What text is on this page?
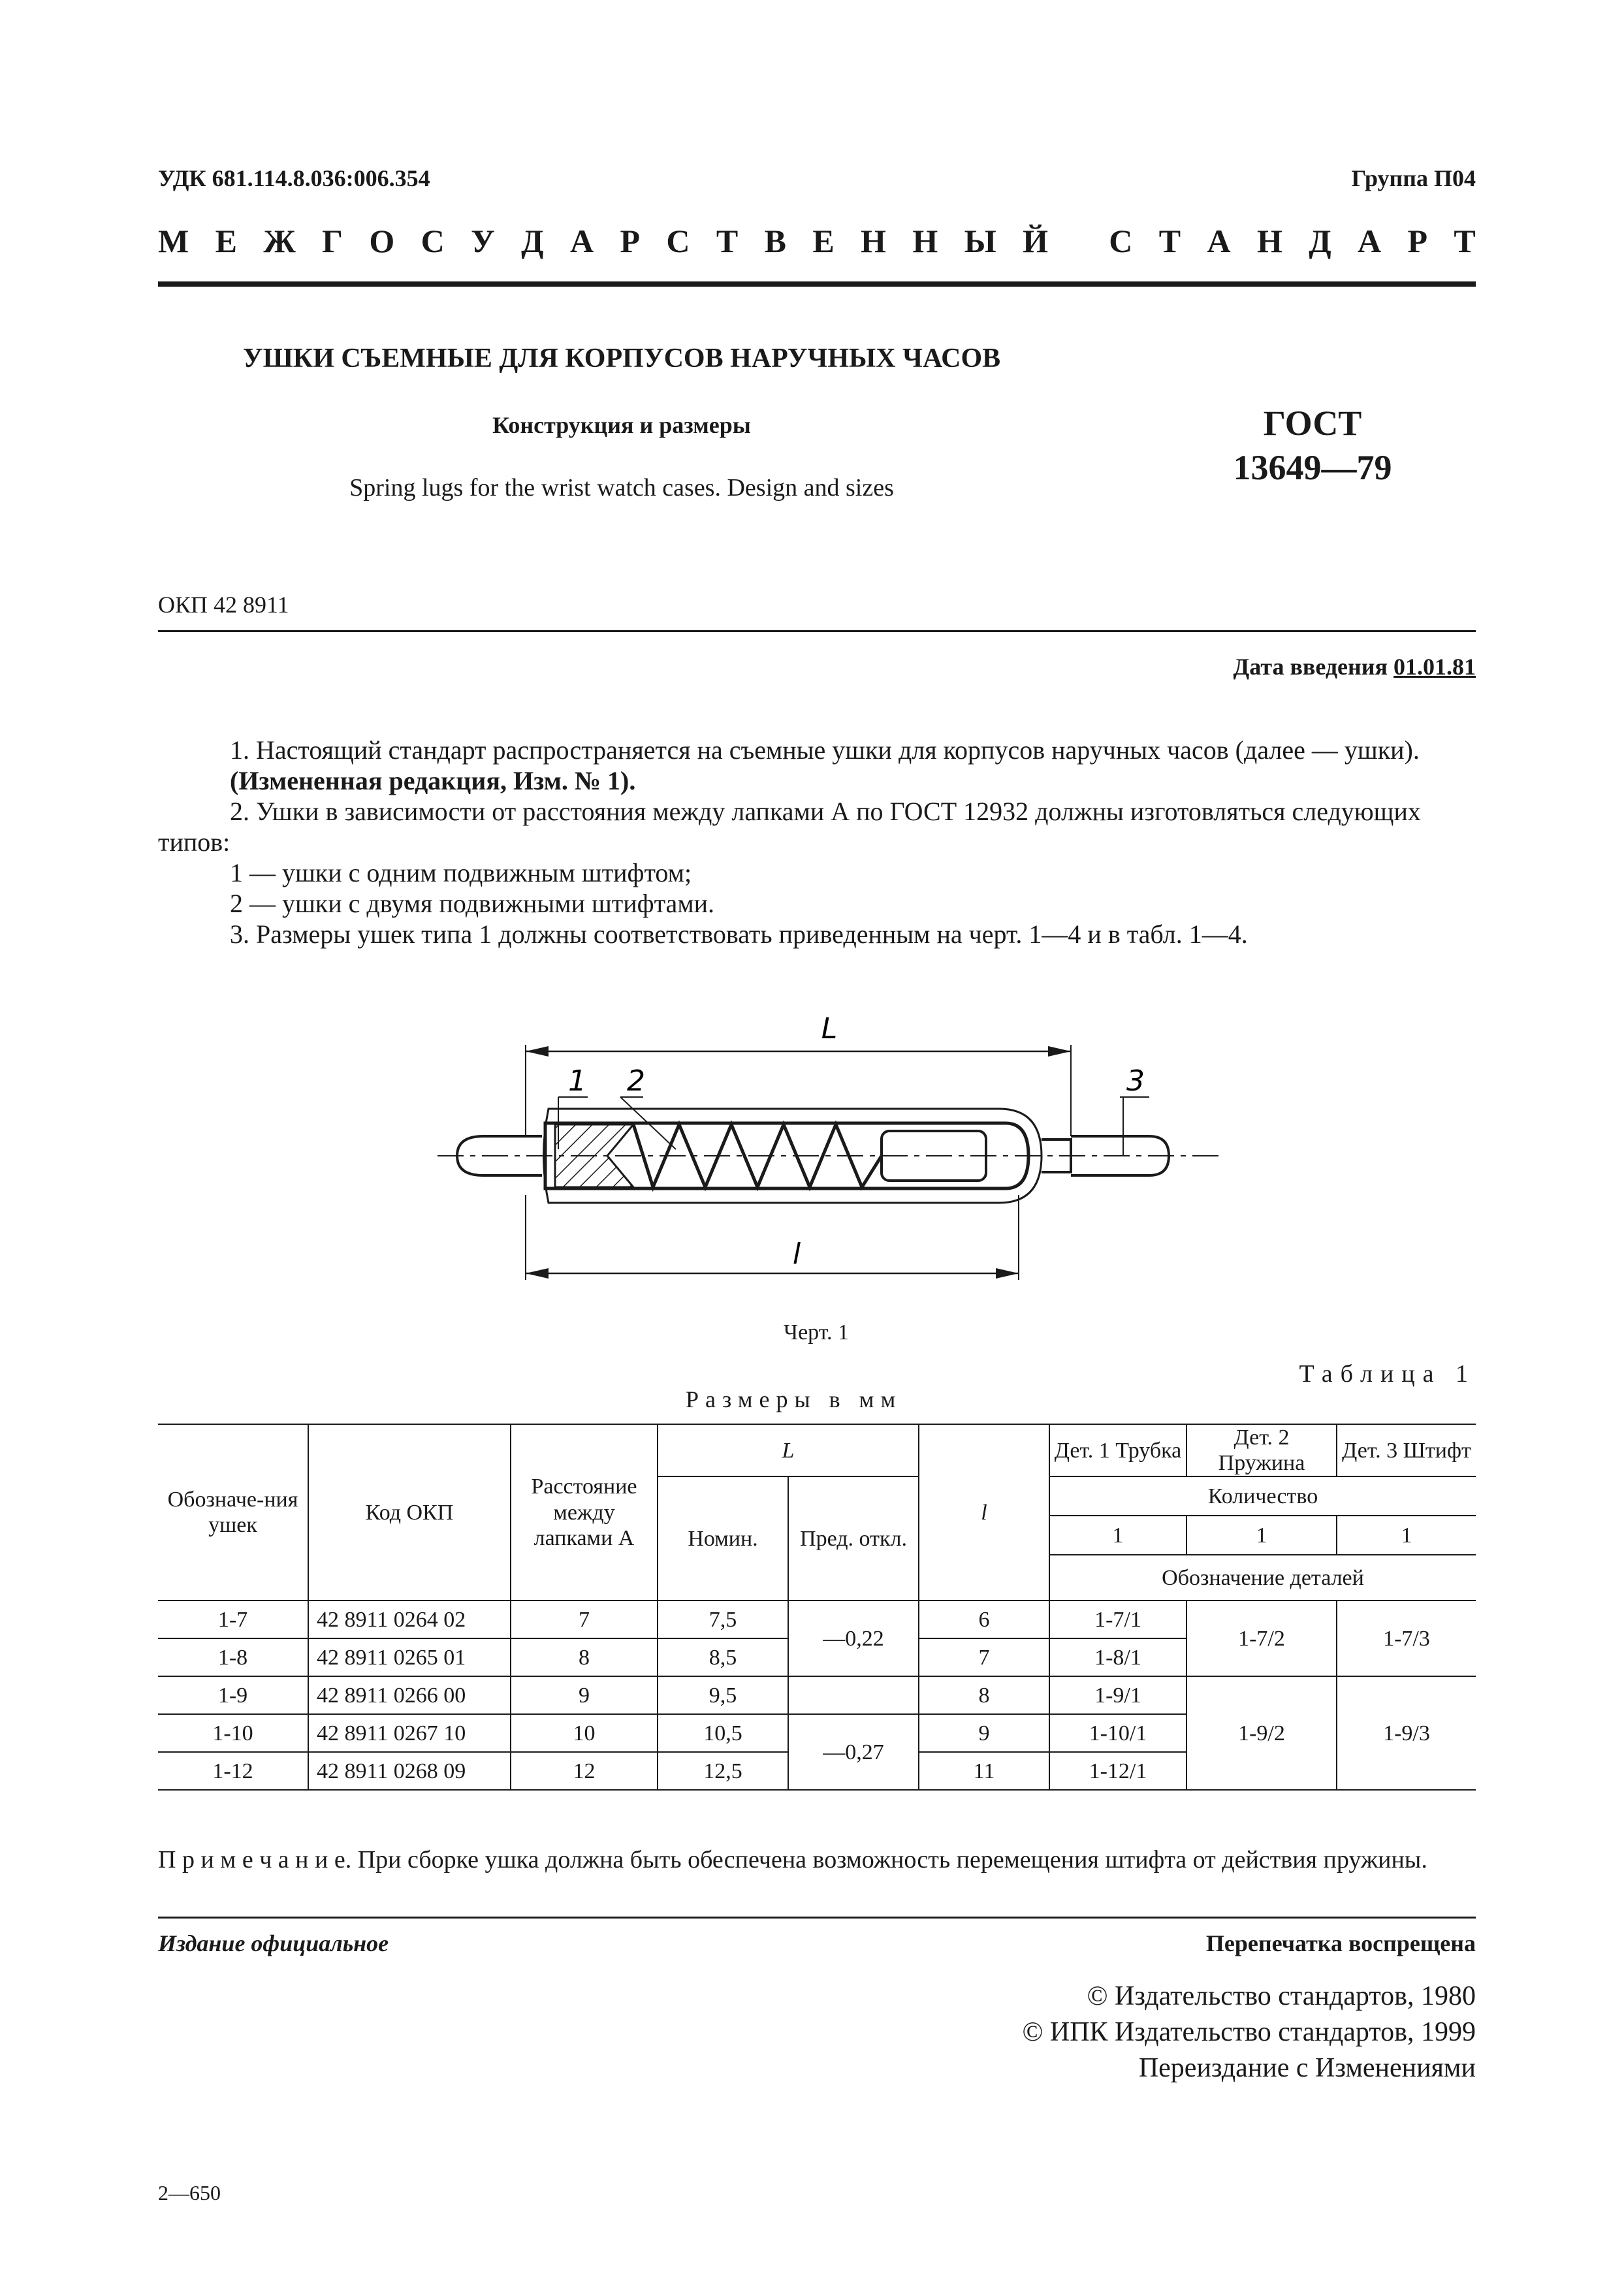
УДК 681.114.8.036:006.354	Группа П04
М Е Ж Г О С У Д А Р С Т В Е Н Н Ы Й
С Т А Н Д А Р Т
УШКИ СЪЕМНЫЕ ДЛЯ КОРПУСОВ НАРУЧНЫХ ЧАСОВ
Конструкция и размеры
Spring lugs for the wrist watch cases. Design and sizes
ГОСТ
13649—79
ОКП 42 8911
Дата введения 01.01.81

1. Настоящий стандарт распространяется на съемные ушки для корпусов наручных часов (далее — ушки).

(Измененная редакция, Изм. № 1).

2. Ушки в зависимости от расстояния между лапками А по ГОСТ 12932 должны изготовляться следующих типов:

1 — ушки с одним подвижным штифтом;

2 — ушки с двумя подвижными штифтами.

3. Размеры ушек типа 1 должны соответствовать приведенным на черт. 1—4 и в табл. 1—4.

L
l
1 2	3
Черт. 1
Таблица 1
Размеры в мм
Обозначе-ния ушек	Код ОКП	Расстояние между лапками А	L		l	Дет. 1 Трубка	Дет. 2 Пружина	Дет. 3 Штифт
			Номин.	Пред. откл.		Количество		
						1	1	1
						Обозначение деталей		
1-7	42 8911 0264 02	7	7,5	—0,22	6	1-7/1	1-7/2	1-7/3
1-8	42 8911 0265 01	8	8,5		7	1-8/1		
1-9	42 8911 0266 00	9	9,5		8	1-9/1	1-9/2	1-9/3
1-10	42 8911 0267 10	10	10,5	—0,27	9	1-10/1		
1-12	42 8911 0268 09	12	12,5		11	1-12/1		
П р и м е ч а н и е. При сборке ушка должна быть обеспечена возможность перемещения штифта от действия пружины.
Издание официальное	Перепечатка воспрещена
© Издательство стандартов, 1980
© ИПК Издательство стандартов, 1999
Переиздание с Изменениями
2—650
